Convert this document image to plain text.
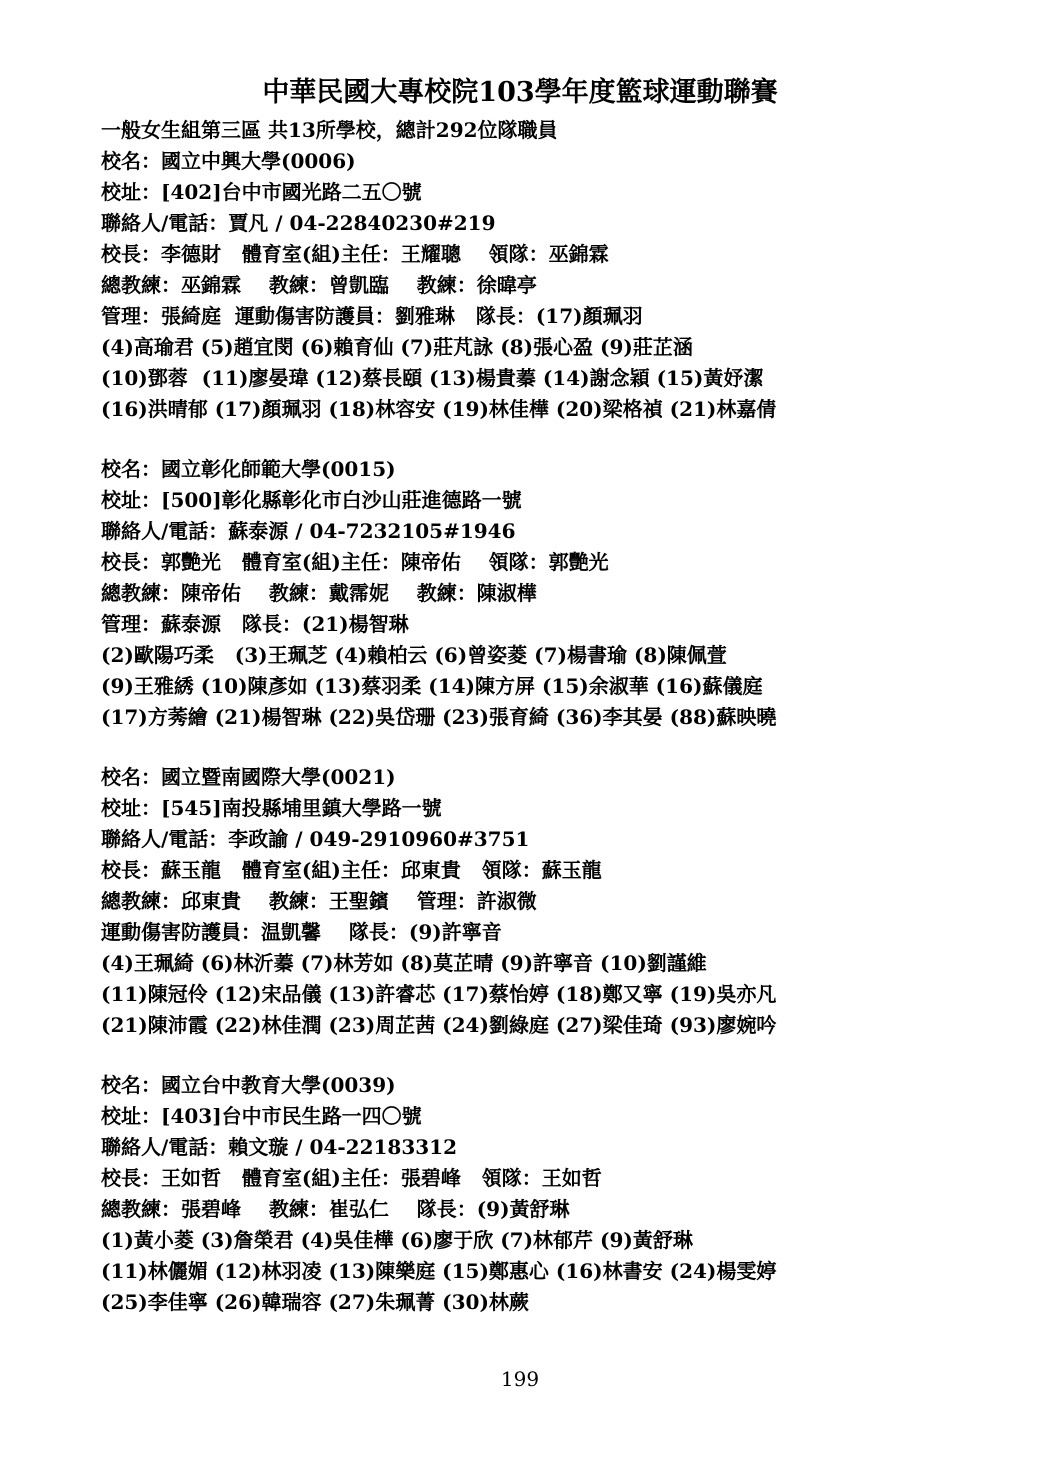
中華民國大專校院103學年度籃球運動聯賽
一般女生組第三區 共13所學校，總計292位隊職員
校名：國立中興大學(0006)
校址：[402]台中市國光路二五〇號
聯絡人/電話：賈凡 / 04-22840230#219
校長：李德財   體育室(組)主任：王耀聰    領隊：巫錦霖
總教練：巫錦霖    教練：曾凱臨    教練：徐暐亭
管理：張綺庭  運動傷害防護員：劉雅琳   隊長：(17)顏珮羽
(4)高瑜君 (5)趙宜閔 (6)賴育仙 (7)莊芃詠 (8)張心盈 (9)莊芷涵
(10)鄧蓉  (11)廖晏瑋 (12)蔡長頤 (13)楊貴蓁 (14)謝念穎 (15)黃妤潔
(16)洪晴郁 (17)顏珮羽 (18)林容安 (19)林佳樺 (20)梁格禎 (21)林嘉倩
校名：國立彰化師範大學(0015)
校址：[500]彰化縣彰化市白沙山莊進德路一號
聯絡人/電話：蘇泰源 / 04-7232105#1946
校長：郭艷光   體育室(組)主任：陳帝佑    領隊：郭艷光
總教練：陳帝佑    教練：戴霈妮    教練：陳淑樺
管理：蘇泰源   隊長：(21)楊智琳
(2)歐陽巧柔   (3)王珮芝 (4)賴柏云 (6)曾姿菱 (7)楊書瑜 (8)陳佩萱
(9)王雅綉 (10)陳彥如 (13)蔡羽柔 (14)陳方屏 (15)余淑華 (16)蘇儀庭
(17)方莠繪 (21)楊智琳 (22)吳岱珊 (23)張育綺 (36)李其晏 (88)蘇映曉
校名：國立暨南國際大學(0021)
校址：[545]南投縣埔里鎮大學路一號
聯絡人/電話：李政諭 / 049-2910960#3751
校長：蘇玉龍   體育室(組)主任：邱東貴   領隊：蘇玉龍
總教練：邱東貴    教練：王聖鑌    管理：許淑微
運動傷害防護員：温凱馨    隊長：(9)許寧音
(4)王珮綺 (6)林沂蓁 (7)林芳如 (8)莫芷晴 (9)許寧音 (10)劉謹維
(11)陳冠伶 (12)宋品儀 (13)許睿芯 (17)蔡怡婷 (18)鄭又寧 (19)吳亦凡
(21)陳沛霞 (22)林佳潤 (23)周芷茜 (24)劉綠庭 (27)梁佳琦 (93)廖婉吟
校名：國立台中教育大學(0039)
校址：[403]台中市民生路一四〇號
聯絡人/電話：賴文璇 / 04-22183312
校長：王如哲   體育室(組)主任：張碧峰   領隊：王如哲
總教練：張碧峰    教練：崔弘仁    隊長：(9)黃舒琳
(1)黃小菱 (3)詹榮君 (4)吳佳樺 (6)廖于欣 (7)林郁芹 (9)黃舒琳
(11)林儷媚 (12)林羽凌 (13)陳樂庭 (15)鄭惠心 (16)林書安 (24)楊雯婷
(25)李佳寧 (26)韓瑞容 (27)朱珮菁 (30)林蕨
199
